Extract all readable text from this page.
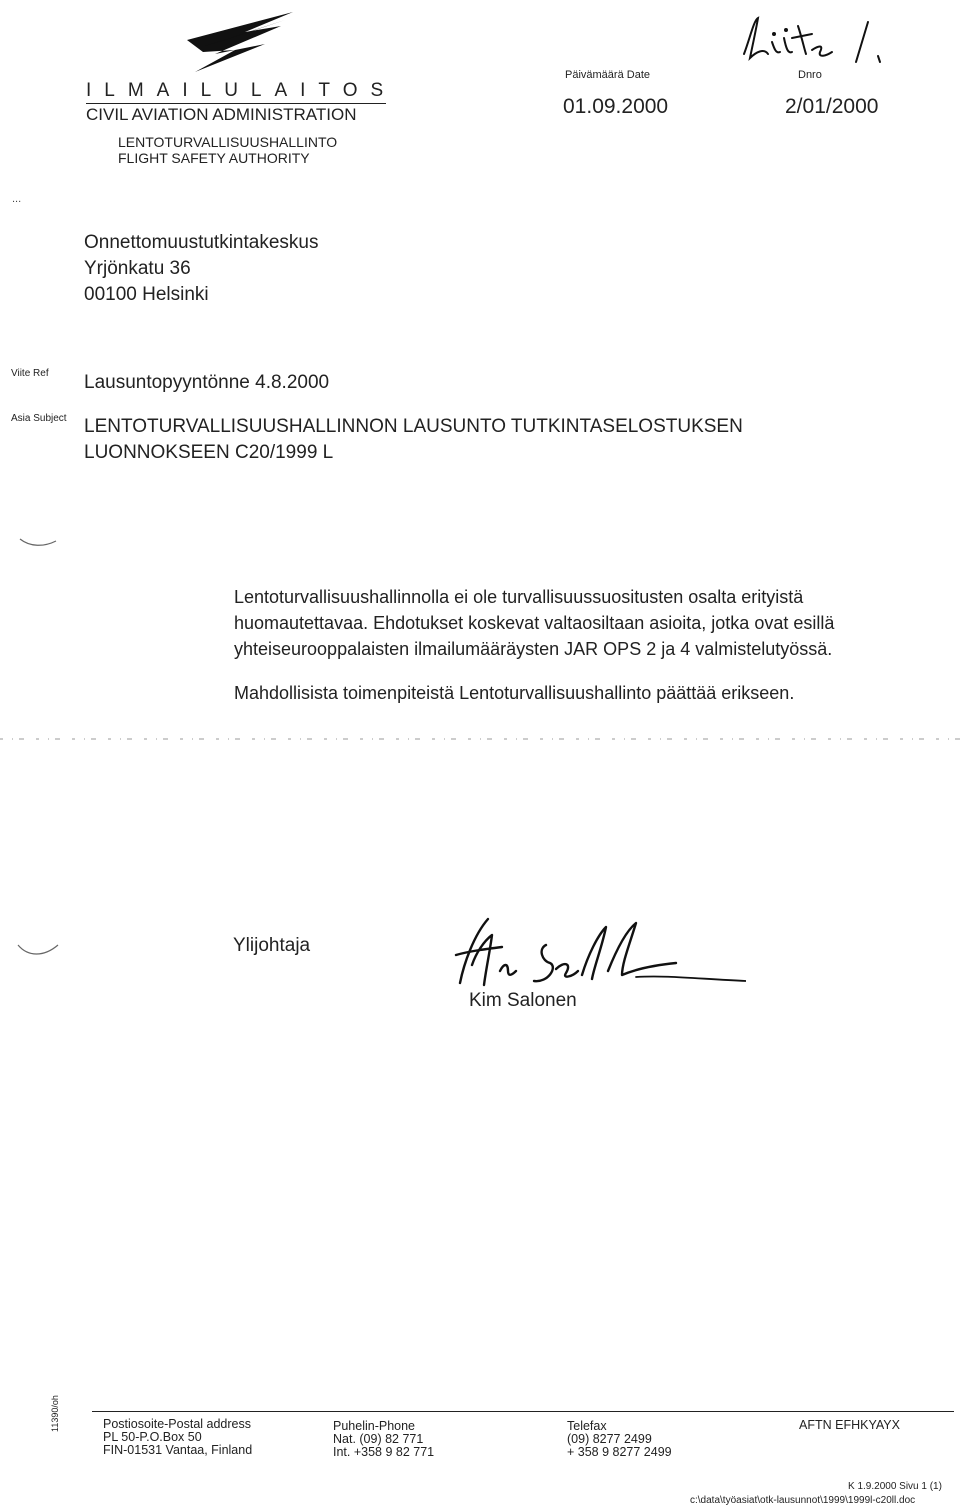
ILMAILULAITOS
CIVIL AVIATION ADMINISTRATION
LENTOTURVALLISUUSHALLINTO
FLIGHT SAFETY AUTHORITY
Päivämäärä Date
01.09.2000
Dnro
2/01/2000
Liite 1.
...
Onnettomuustutkintakeskus
Yrjönkatu 36
00100 Helsinki
Viite Ref Lausuntopyyntönne 4.8.2000
Asia Subject LENTOTURVALLISUUSHALLINNON LAUSUNTO TUTKINTASELOSTUKSEN
LUONNOKSEEN C20/1999 L
Lentoturvallisuushallinnolla ei ole turvallisuussuositusten osalta erityistä
huomautettavaa. Ehdotukset koskevat valtaosiltaan asioita, jotka ovat esillä
yhteiseurooppalaisten ilmailumääräysten JAR OPS 2 ja 4 valmistelutyössä.
Mahdollisista toimenpiteistä Lentoturvallisuushallinto päättää erikseen.
Ylijohtaja
Kim Salonen
11390/oh	Postiosoite-Postal address
PL 50-P.O.Box 50
FIN-01531 Vantaa, Finland
Puhelin-Phone
Nat. (09) 82 771
Int. +358 9 82 771
Telefax
(09) 8277 2499
+ 358 9 8277 2499
AFTN EFHKYAYX
K 1.9.2000 Sivu 1 (1)
c:\data\työasiat\otk-lausunnot\1999\1999l-c20ll.doc
